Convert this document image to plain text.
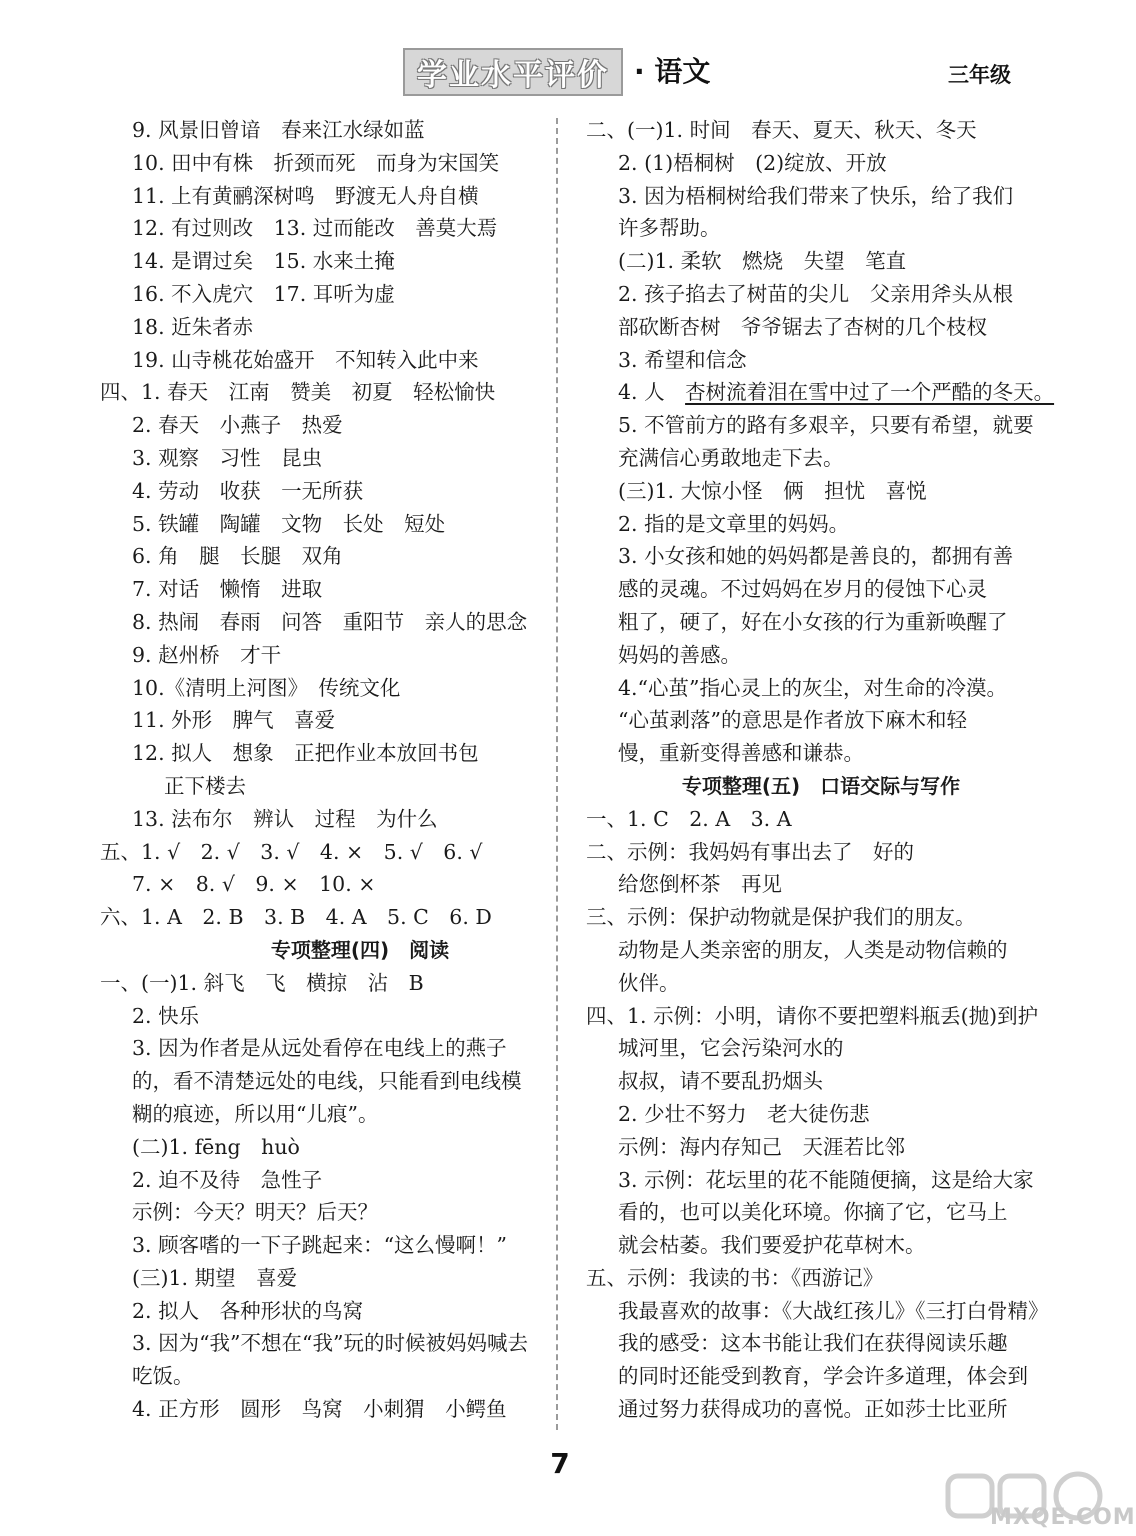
学业水平评价 · 语文	三年级
9. 风景旧曾谙　春来江水绿如蓝
10. 田中有株　折颈而死　而身为宋国笑
11. 上有黄鹂深树鸣　野渡无人舟自横
12. 有过则改　13. 过而能改　善莫大焉
14. 是谓过矣　15. 水来土掩
16. 不入虎穴　17. 耳听为虚
18. 近朱者赤
19. 山寺桃花始盛开　不知转入此中来
四、1. 春天　江南　赞美　初夏　轻松愉快
2. 春天　小燕子　热爱
3. 观察　习性　昆虫
4. 劳动　收获　一无所获
5. 铁罐　陶罐　文物　长处　短处
6. 角　腿　长腿　双角
7. 对话　懒惰　进取
8. 热闹　春雨　问答　重阳节　亲人的思念
9. 赵州桥　才干
10.《清明上河图》　传统文化
11. 外形　脾气　喜爱
12. 拟人　想象　正把作业本放回书包
正下楼去
13. 法布尔　辨认　过程　为什么
五、1. √　2. √　3. √　4. ×　5. √　6. √
7. ×　8. √　9. ×　10. ×
六、1. A　2. B　3. B　4. A　5. C　6. D
专项整理(四)　阅读
一、(一)1. 斜飞　飞　横掠　沾　B
2. 快乐
3. 因为作者是从远处看停在电线上的燕子
的，看不清楚远处的电线，只能看到电线模
糊的痕迹，所以用“儿痕”。
(二)1. fēng　huò
2. 迫不及待　急性子
示例：今天？明天？后天？
3. 顾客嗜的一下子跳起来：“这么慢啊！”
(三)1. 期望　喜爱
2. 拟人　各种形状的鸟窝
3. 因为“我”不想在“我”玩的时候被妈妈喊去
吃饭。
4. 正方形　圆形　鸟窝　小刺猬　小鳄鱼
二、(一)1. 时间　春天、夏天、秋天、冬天
2. (1)梧桐树　(2)绽放、开放
3. 因为梧桐树给我们带来了快乐，给了我们
许多帮助。
(二)1. 柔软　燃烧　失望　笔直
2. 孩子掐去了树苗的尖儿　父亲用斧头从根
部砍断杏树　爷爷锯去了杏树的几个枝杈
3. 希望和信念
4. 人　杏树流着泪在雪中过了一个严酷的冬天。
5. 不管前方的路有多艰辛，只要有希望，就要
充满信心勇敢地走下去。
(三)1. 大惊小怪　俩　担忧　喜悦
2. 指的是文章里的妈妈。
3. 小女孩和她的妈妈都是善良的，都拥有善
感的灵魂。不过妈妈在岁月的侵蚀下心灵
粗了，硬了，好在小女孩的行为重新唤醒了
妈妈的善感。
4.“心茧”指心灵上的灰尘，对生命的冷漠。
“心茧剥落”的意思是作者放下麻木和轻
慢，重新变得善感和谦恭。
专项整理(五)　口语交际与写作
一、1. C　2. A　3. A
二、示例：我妈妈有事出去了　好的
给您倒杯茶　再见
三、示例：保护动物就是保护我们的朋友。
动物是人类亲密的朋友，人类是动物信赖的
伙伴。
四、1. 示例：小明，请你不要把塑料瓶丢(抛)到护
城河里，它会污染河水的
叔叔，请不要乱扔烟头
2. 少壮不努力　老大徒伤悲
示例：海内存知己　天涯若比邻
3. 示例：花坛里的花不能随便摘，这是给大家
看的，也可以美化环境。你摘了它，它马上
就会枯萎。我们要爱护花草树木。
五、示例：我读的书：《西游记》
我最喜欢的故事：《大战红孩儿》《三打白骨精》
我的感受：这本书能让我们在获得阅读乐趣
的同时还能受到教育，学会许多道理，体会到
通过努力获得成功的喜悦。正如莎士比亚所
7
MXQE.COM
